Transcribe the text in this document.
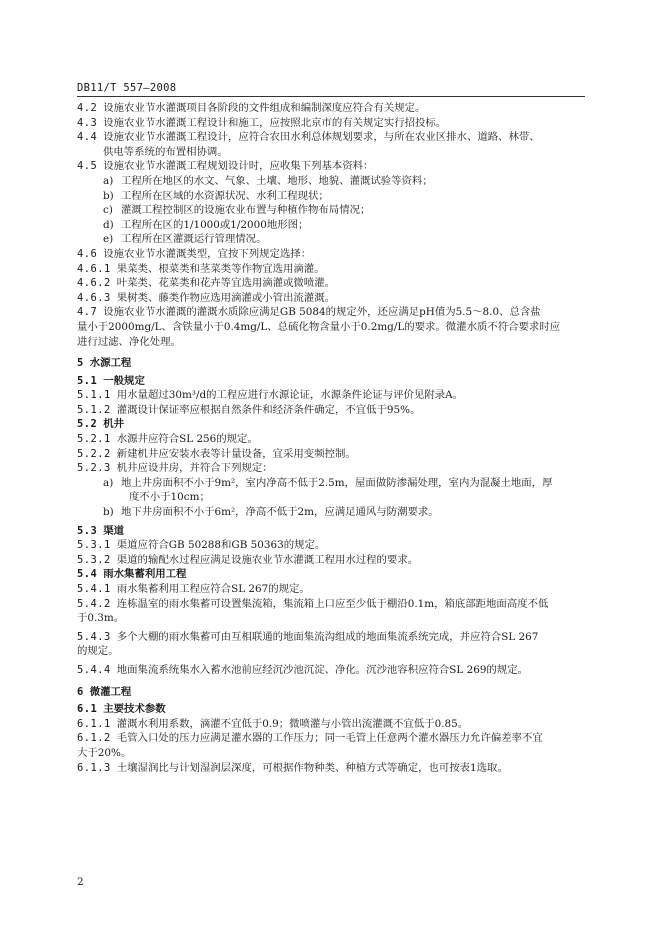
DB11/T 557—2008

4.2 设施农业节水灌溉项目各阶段的文件组成和编制深度应符合有关规定。

4.3 设施农业节水灌溉工程设计和施工，应按照北京市的有关规定实行招投标。

4.4 设施农业节水灌溉工程设计，应符合农田水利总体规划要求，与所在农业区排水、道路、林带、

供电等系统的布置相协调。

4.5 设施农业节水灌溉工程规划设计时，应收集下列基本资料：

a) 工程所在地区的水文、气象、土壤、地形、地貌、灌溉试验等资料；

b) 工程所在区域的水资源状况、水利工程现状；

c) 灌溉工程控制区的设施农业布置与种植作物布局情况；

d) 工程所在区的1/1000或1/2000地形图；

e) 工程所在区灌溉运行管理情况。

4.6 设施农业节水灌溉类型，宜按下列规定选择：

4.6.1 果菜类、根菜类和茎菜类等作物宜选用滴灌。

4.6.2 叶菜类、花菜类和花卉等宜选用滴灌或微喷灌。

4.6.3 果树类、藤类作物应选用滴灌或小管出流灌溉。

4.7 设施农业节水灌溉的灌溉水质除应满足GB 5084的规定外，还应满足pH值为5.5～8.0、总含盐

量小于2000mg/L、含铁量小于0.4mg/L、总硫化物含量小于0.2mg/L的要求。微灌水质不符合要求时应

进行过滤、净化处理。

5 水源工程

5.1 一般规定

5.1.1 用水量超过30m³/d的工程应进行水源论证，水源条件论证与评价见附录A。

5.1.2 灌溉设计保证率应根据自然条件和经济条件确定，不宜低于95%。

5.2 机井

5.2.1 水源井应符合SL 256的规定。

5.2.2 新建机井应安装水表等计量设备，宜采用变频控制。

5.2.3 机井应设井房，并符合下列规定：

a) 地上井房面积不小于9m²，室内净高不低于2.5m，屋面做防渗漏处理，室内为混凝土地面，厚

度不小于10cm；

b) 地下井房面积不小于6m²，净高不低于2m，应满足通风与防潮要求。

5.3 渠道

5.3.1 渠道应符合GB 50288和GB 50363的规定。

5.3.2 渠道的输配水过程应满足设施农业节水灌溉工程用水过程的要求。

5.4 雨水集蓄利用工程

5.4.1 雨水集蓄利用工程应符合SL 267的规定。

5.4.2 连栋温室的雨水集蓄可设置集流箱，集流箱上口应至少低于棚沿0.1m，箱底部距地面高度不低

于0.3m。

5.4.3 多个大棚的雨水集蓄可由互相联通的地面集流沟组成的地面集流系统完成，并应符合SL 267

的规定。

5.4.4 地面集流系统集水入蓄水池前应经沉沙池沉淀、净化。沉沙池容积应符合SL 269的规定。

6 微灌工程

6.1 主要技术参数

6.1.1 灌溉水利用系数，滴灌不宜低于0.9；微喷灌与小管出流灌溉不宜低于0.85。

6.1.2 毛管入口处的压力应满足灌水器的工作压力；同一毛管上任意两个灌水器压力允许偏差率不宜

大于20%。

6.1.3 土壤湿润比与计划湿润层深度，可根据作物种类、种植方式等确定，也可按表1选取。

2
